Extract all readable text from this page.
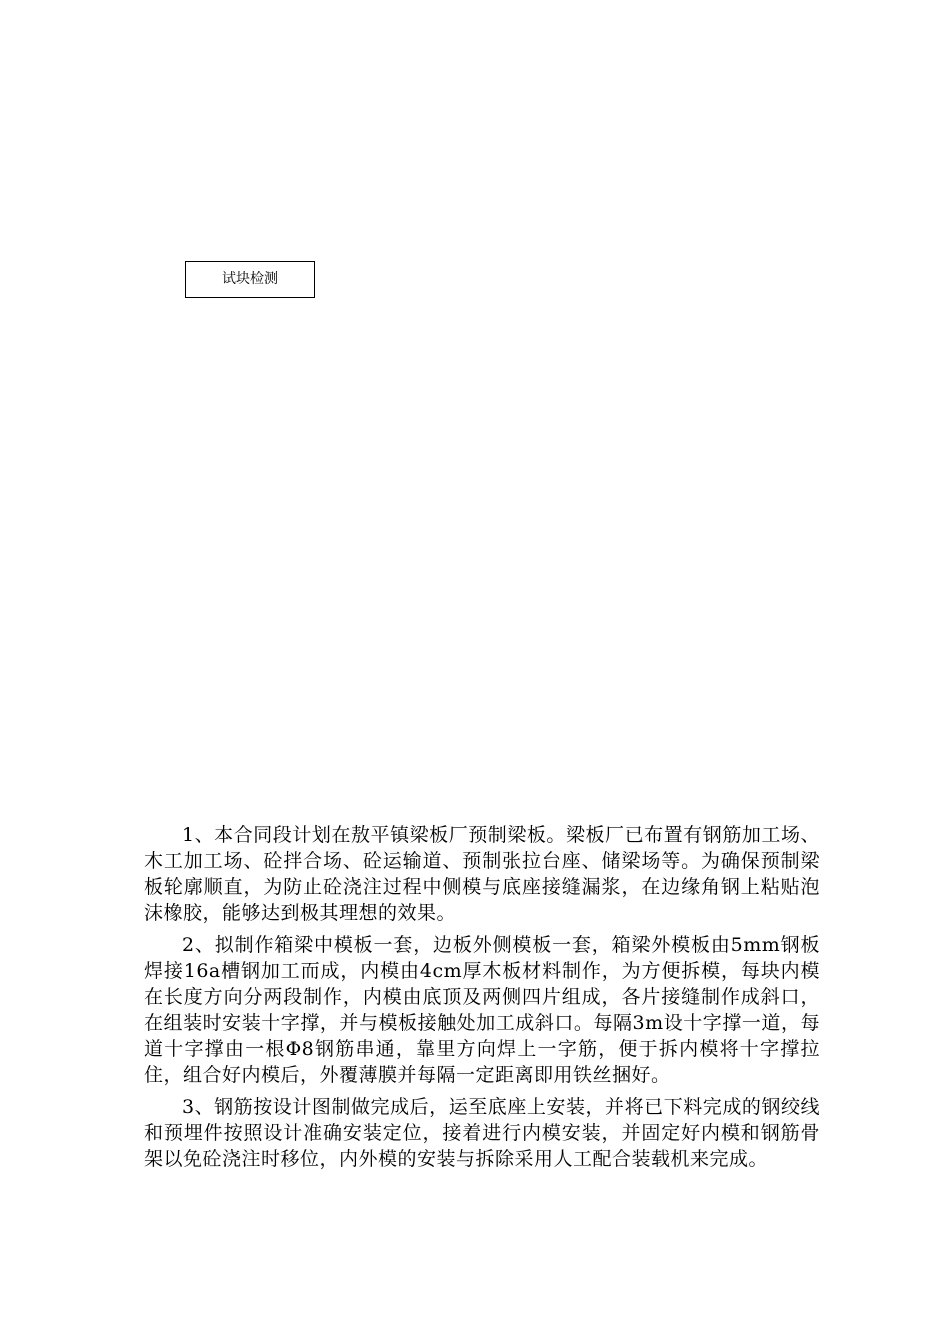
试块检测

1、本合同段计划在敖平镇梁板厂预制梁板。梁板厂已布置有钢筋加工场、木工加工场、砼拌合场、砼运输道、预制张拉台座、储梁场等。为确保预制梁板轮廓顺直，为防止砼浇注过程中侧模与底座接缝漏浆，在边缘角钢上粘贴泡沫橡胶，能够达到极其理想的效果。

2、拟制作箱梁中模板一套，边板外侧模板一套，箱梁外模板由5mm钢板焊接16a槽钢加工而成，内模由4cm厚木板材料制作，为方便拆模，每块内模在长度方向分两段制作，内模由底顶及两侧四片组成，各片接缝制作成斜口，在组装时安装十字撑，并与模板接触处加工成斜口。每隔3m设十字撑一道，每道十字撑由一根Φ8钢筋串通，靠里方向焊上一字筋，便于拆内模将十字撑拉住，组合好内模后，外覆薄膜并每隔一定距离即用铁丝捆好。

3、钢筋按设计图制做完成后，运至底座上安装，并将已下料完成的钢绞线和预埋件按照设计准确安装定位，接着进行内模安装，并固定好内模和钢筋骨架以免砼浇注时移位，内外模的安装与拆除采用人工配合装载机来完成。
